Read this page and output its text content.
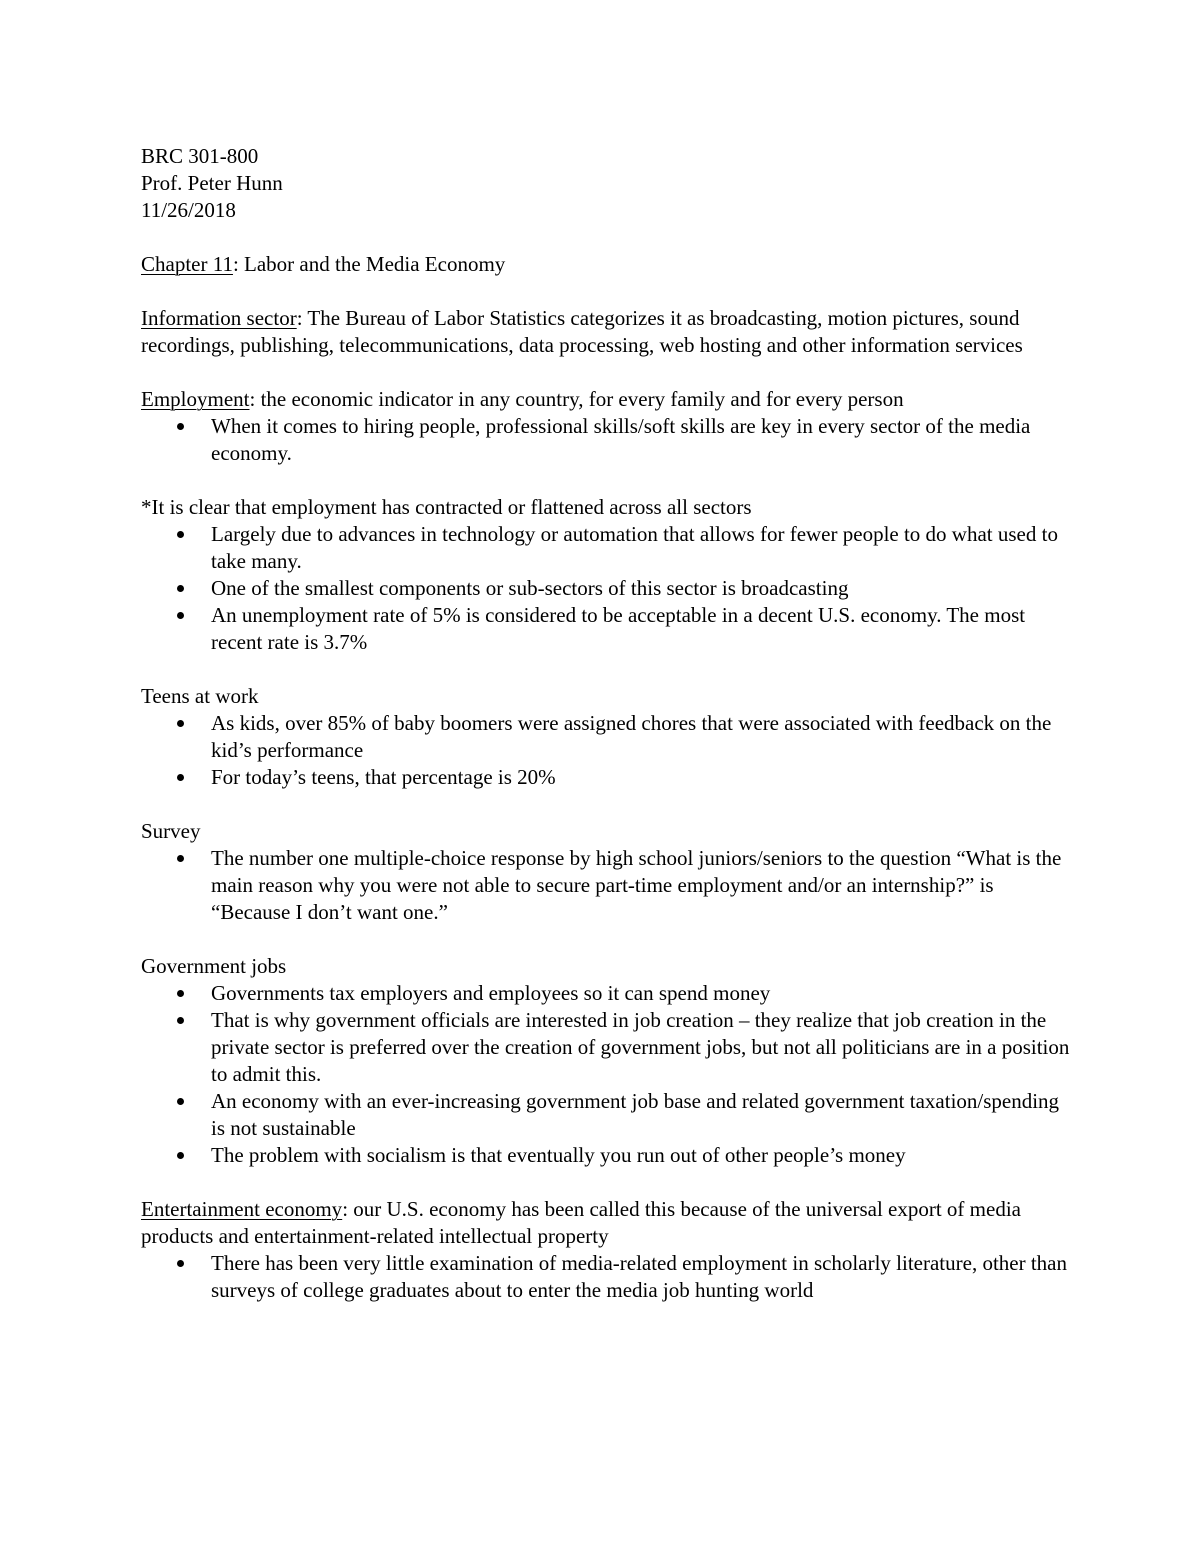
BRC 301-800

Prof. Peter Hunn

11/26/2018

Chapter 11: Labor and the Media Economy

Information sector: The Bureau of Labor Statistics categorizes it as broadcasting, motion pictures, sound recordings, publishing, telecommunications, data processing, web hosting and other information services

Employment: the economic indicator in any country, for every family and for every person

When it comes to hiring people, professional skills/soft skills are key in every sector of the media economy.

*It is clear that employment has contracted or flattened across all sectors

Largely due to advances in technology or automation that allows for fewer people to do what used to take many.
One of the smallest components or sub-sectors of this sector is broadcasting
An unemployment rate of 5% is considered to be acceptable in a decent U.S. economy. The most recent rate is 3.7%

Teens at work

As kids, over 85% of baby boomers were assigned chores that were associated with feedback on the kid’s performance
For today’s teens, that percentage is 20%

Survey

The number one multiple-choice response by high school juniors/seniors to the question “What is the main reason why you were not able to secure part-time employment and/or an internship?” is “Because I don’t want one.”

Government jobs

Governments tax employers and employees so it can spend money
That is why government officials are interested in job creation – they realize that job creation in the private sector is preferred over the creation of government jobs, but not all politicians are in a position to admit this.
An economy with an ever-increasing government job base and related government taxation/spending is not sustainable
The problem with socialism is that eventually you run out of other people’s money

Entertainment economy: our U.S. economy has been called this because of the universal export of media products and entertainment-related intellectual property

There has been very little examination of media-related employment in scholarly literature, other than surveys of college graduates about to enter the media job hunting world
